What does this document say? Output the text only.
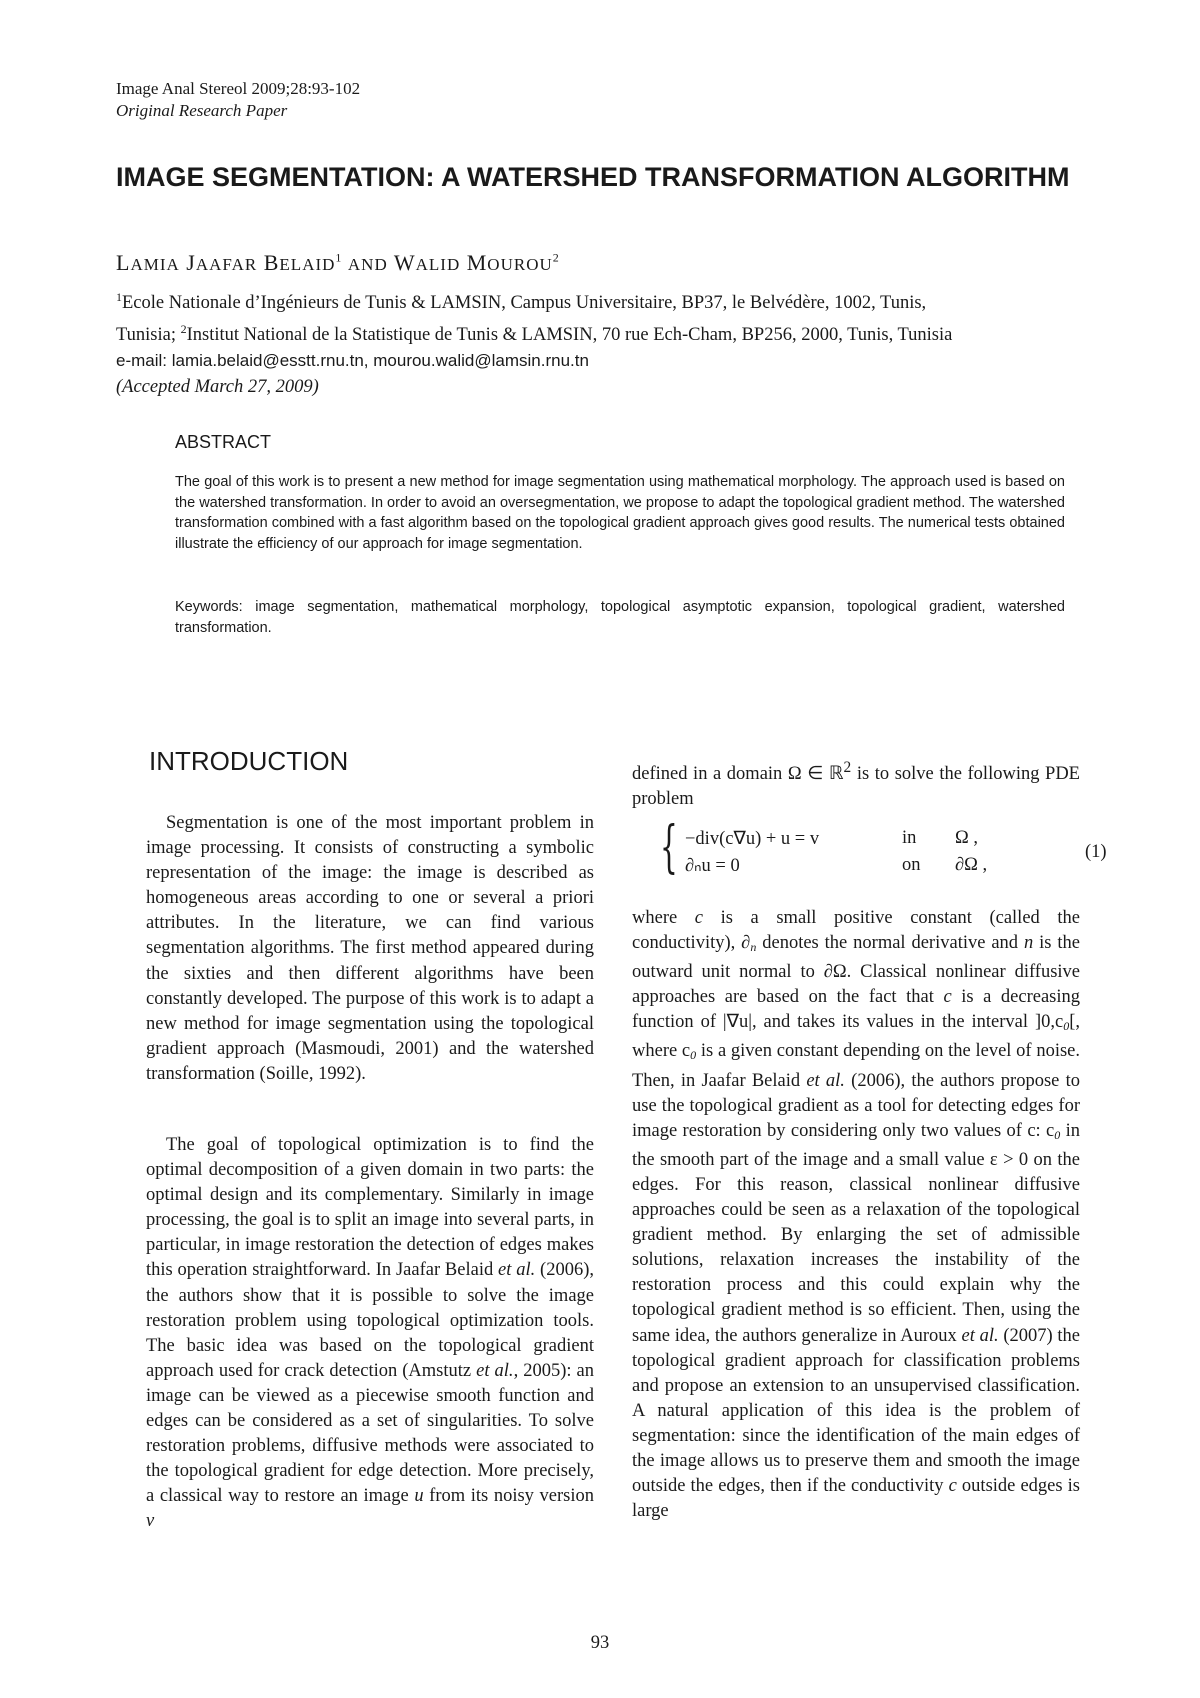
Image Anal Stereol 2009;28:93-102
Original Research Paper
IMAGE SEGMENTATION: A WATERSHED TRANSFORMATION ALGORITHM
LAMIA JAAFAR BELAID$^1$ AND WALID MOUROU$^2$
$^1$Ecole Nationale d’Ingénieurs de Tunis & LAMSIN, Campus Universitaire, BP37, le Belvédère, 1002, Tunis,
Tunisia; $^2$Institut National de la Statistique de Tunis & LAMSIN, 70 rue Ech-Cham, BP256, 2000, Tunis, Tunisia
e-mail: lamia.belaid@esstt.rnu.tn, mourou.walid@lamsin.rnu.tn
(Accepted March 27, 2009)
ABSTRACT
The goal of this work is to present a new method for image segmentation using mathematical morphology. The approach used is based on the watershed transformation. In order to avoid an oversegmentation, we propose to adapt the topological gradient method. The watershed transformation combined with a fast algorithm based on the topological gradient approach gives good results. The numerical tests obtained illustrate the efficiency of our approach for image segmentation.
Keywords: image segmentation, mathematical morphology, topological asymptotic expansion, topological gradient, watershed transformation.
INTRODUCTION
Segmentation is one of the most important problem in image processing. It consists of constructing a symbolic representation of the image: the image is described as homogeneous areas according to one or several a priori attributes. In the literature, we can find various segmentation algorithms. The first method appeared during the sixties and then different algorithms have been constantly developed. The purpose of this work is to adapt a new method for image segmentation using the topological gradient approach (Masmoudi, 2001) and the watershed transformation (Soille, 1992).
The goal of topological optimization is to find the optimal decomposition of a given domain in two parts: the optimal design and its complementary. Similarly in image processing, the goal is to split an image into several parts, in particular, in image restoration the detection of edges makes this operation straightforward. In Jaafar Belaid et al. (2006), the authors show that it is possible to solve the image restoration problem using topological optimization tools. The basic idea was based on the topological gradient approach used for crack detection (Amstutz et al., 2005): an image can be viewed as a piecewise smooth function and edges can be considered as a set of singularities. To solve restoration problems, diffusive methods were associated to the topological gradient for edge detection. More precisely, a classical way to restore an image u from its noisy version v
defined in a domain Ω ∈ ℝ$^2$ is to solve the following PDE problem
{ −div(c∇u) + u = v	in Ω ,
∂ₙu = 0	on ∂Ω ,
(1)
where c is a small positive constant (called the conductivity), $\partial_n$ denotes the normal derivative and n is the outward unit normal to ∂Ω. Classical nonlinear diffusive approaches are based on the fact that c is a decreasing function of |∇u|, and takes its values in the interval ]$0,c_0$[, where $c_0$ is a given constant depending on the level of noise. Then, in Jaafar Belaid et al. (2006), the authors propose to use the topological gradient as a tool for detecting edges for image restoration by considering only two values of c: $c_0$ in the smooth part of the image and a small value ε > 0 on the edges. For this reason, classical nonlinear diffusive approaches could be seen as a relaxation of the topological gradient method. By enlarging the set of admissible solutions, relaxation increases the instability of the restoration process and this could explain why the topological gradient method is so efficient. Then, using the same idea, the authors generalize in Auroux et al. (2007) the topological gradient approach for classification problems and propose an extension to an unsupervised classification. A natural application of this idea is the problem of segmentation: since the identification of the main edges of the image allows us to preserve them and smooth the image outside the edges, then if the conductivity c outside edges is large
93
